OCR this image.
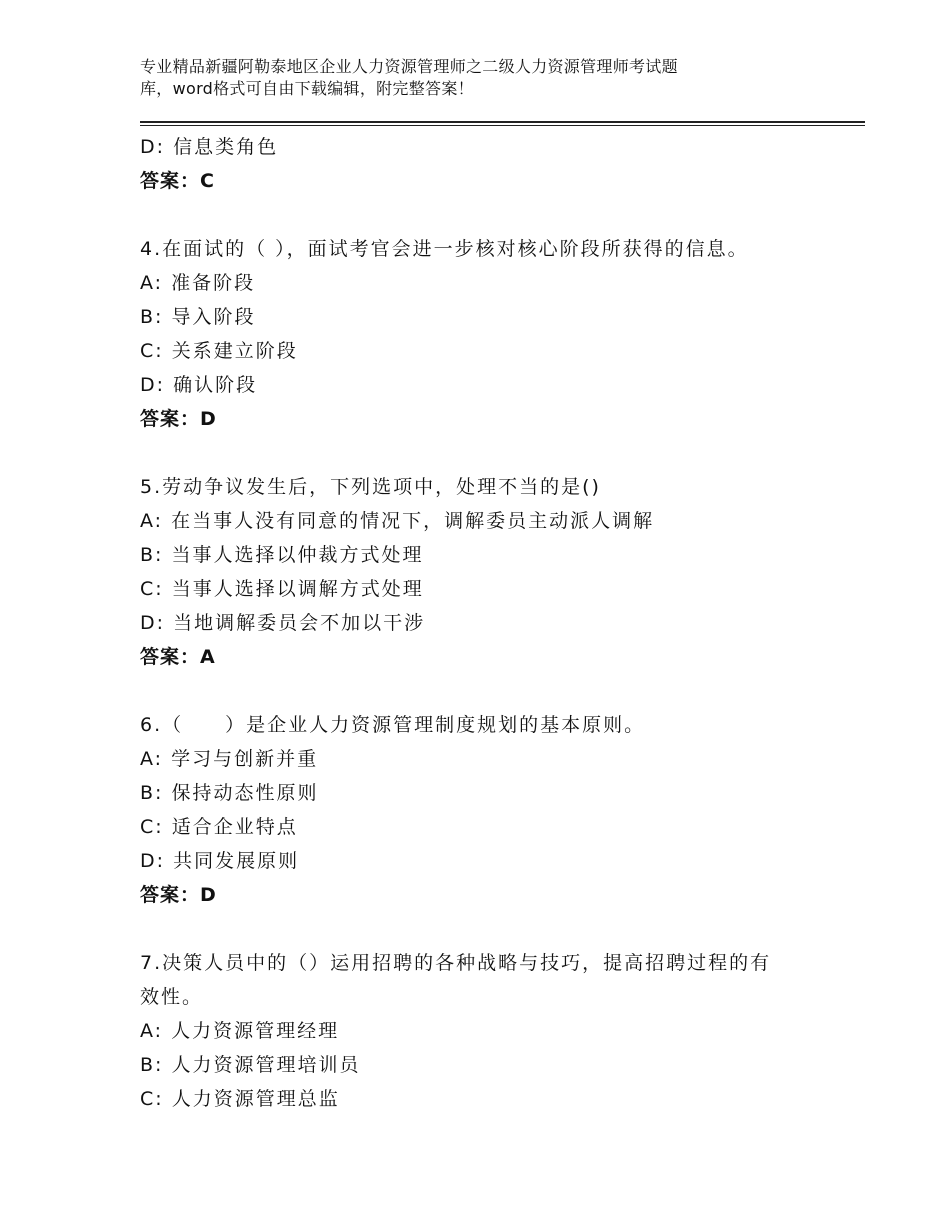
专业精品新疆阿勒泰地区企业人力资源管理师之二级人力资源管理师考试题
库，word格式可自由下载编辑，附完整答案！
D: 信息类角色
答案：C
4.在面试的（ ），面试考官会进一步核对核心阶段所获得的信息。
A: 准备阶段
B: 导入阶段
C: 关系建立阶段
D: 确认阶段
答案：D
5.劳动争议发生后，下列选项中，处理不当的是()
A: 在当事人没有同意的情况下，调解委员主动派人调解
B: 当事人选择以仲裁方式处理
C: 当事人选择以调解方式处理
D: 当地调解委员会不加以干涉
答案：A
6.（　　）是企业人力资源管理制度规划的基本原则。
A: 学习与创新并重
B: 保持动态性原则
C: 适合企业特点
D: 共同发展原则
答案：D
7.决策人员中的（）运用招聘的各种战略与技巧，提高招聘过程的有
效性。
A: 人力资源管理经理
B: 人力资源管理培训员
C: 人力资源管理总监
